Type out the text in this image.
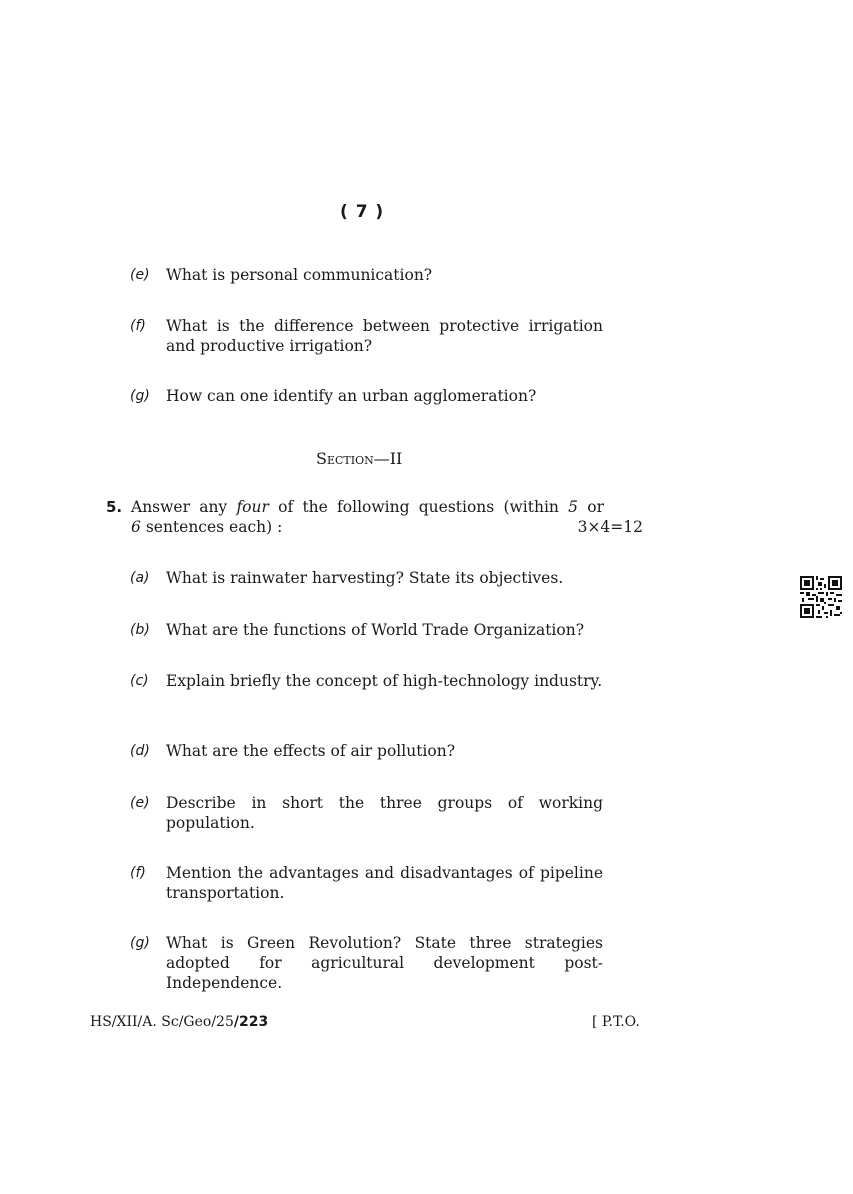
( 7 )
(e)	What is personal communication?
(f)	What is the difference between protective irrigation and productive irrigation?
(g)	How can one identify an urban agglomeration?
Section—II
5. Answer any four of the following questions (within 5 or
6 sentences each) :	3×4=12
(a)	What is rainwater harvesting? State its objectives.
(b)	What are the functions of World Trade Organization?
(c)	Explain briefly the concept of high-technology industry.
(d)	What are the effects of air pollution?
(e)	Describe in short the three groups of working population.
(f)	Mention the advantages and disadvantages of pipeline transportation.
(g)	What is Green Revolution? State three strategies adopted for agricultural development post-Independence.
HS/XII/A. Sc/Geo/25/223	[ P.T.O.
